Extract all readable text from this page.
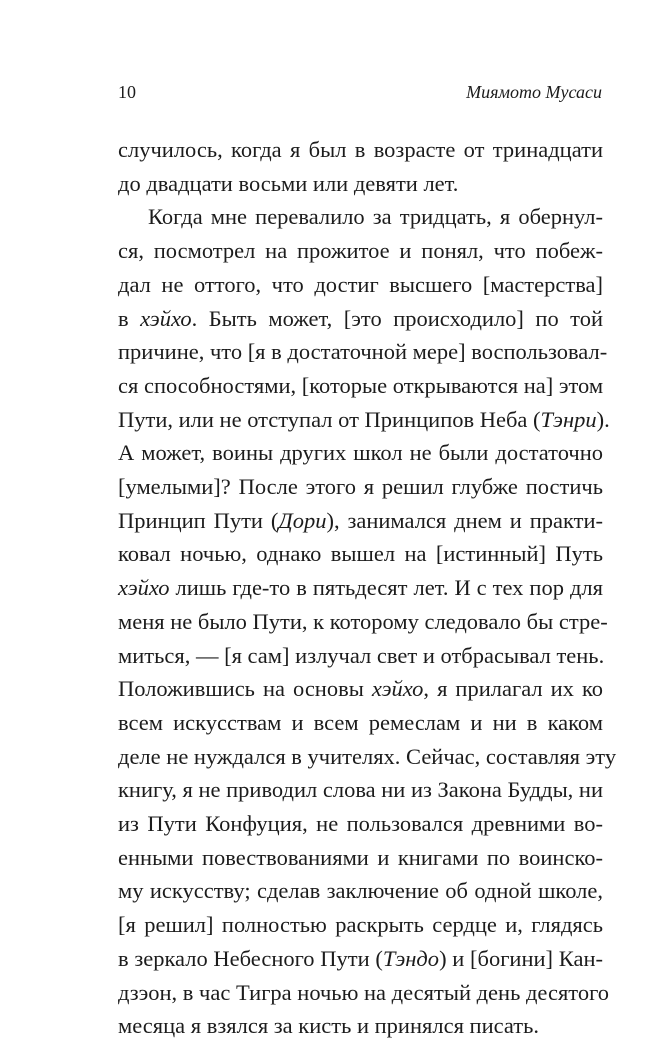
10	Миямото Мусаси
случилось, когда я был в возрасте от тринадцати
до двадцати восьми или девяти лет.
Когда мне перевалило за тридцать, я обернул-
ся, посмотрел на прожитое и понял, что побеж-
дал не оттого, что достиг высшего [мастерства]
в хэйхо. Быть может, [это происходило] по той
причине, что [я в достаточной мере] воспользовал-
ся способностями, [которые открываются на] этом
Пути, или не отступал от Принципов Неба (Тэнри).
А может, воины других школ не были достаточно
[умелыми]? После этого я решил глубже постичь
Принцип Пути (Дори), занимался днем и практи-
ковал ночью, однако вышел на [истинный] Путь
хэйхо лишь где-то в пятьдесят лет. И с тех пор для
меня не было Пути, к которому следовало бы стре-
миться, — [я сам] излучал свет и отбрасывал тень.
Положившись на основы хэйхо, я прилагал их ко
всем искусствам и всем ремеслам и ни в каком
деле не нуждался в учителях. Сейчас, составляя эту
книгу, я не приводил слова ни из Закона Будды, ни
из Пути Конфуция, не пользовался древними во-
енными повествованиями и книгами по воинско-
му искусству; сделав заключение об одной школе,
[я решил] полностью раскрыть сердце и, глядясь
в зеркало Небесного Пути (Тэндо) и [богини] Кан-
дзэон, в час Тигра ночью на десятый день десятого
месяца я взялся за кисть и принялся писать.
